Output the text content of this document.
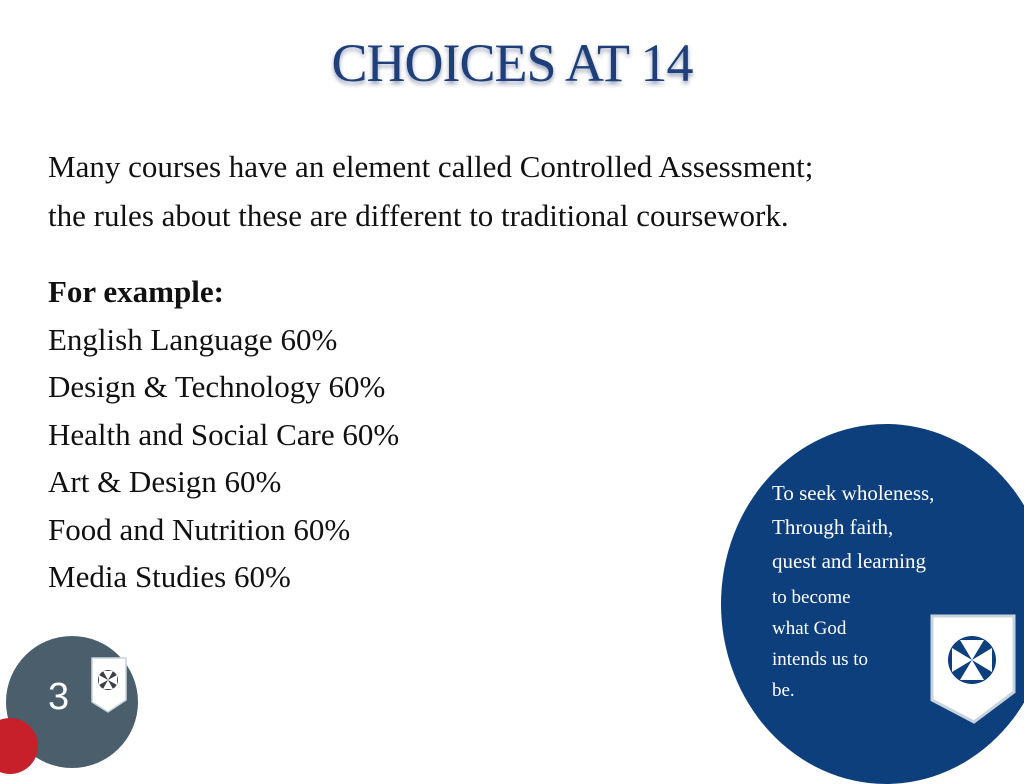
CHOICES AT 14
Many courses have an element called Controlled Assessment;
the rules about these are different to traditional coursework.
For example:
English Language 60%
Design & Technology 60%
Health and Social Care 60%
Art & Design 60%
Food and Nutrition 60%
Media Studies 60%
To seek wholeness,
Through faith,
quest and learning
to become
what God
intends us to
be.
3
